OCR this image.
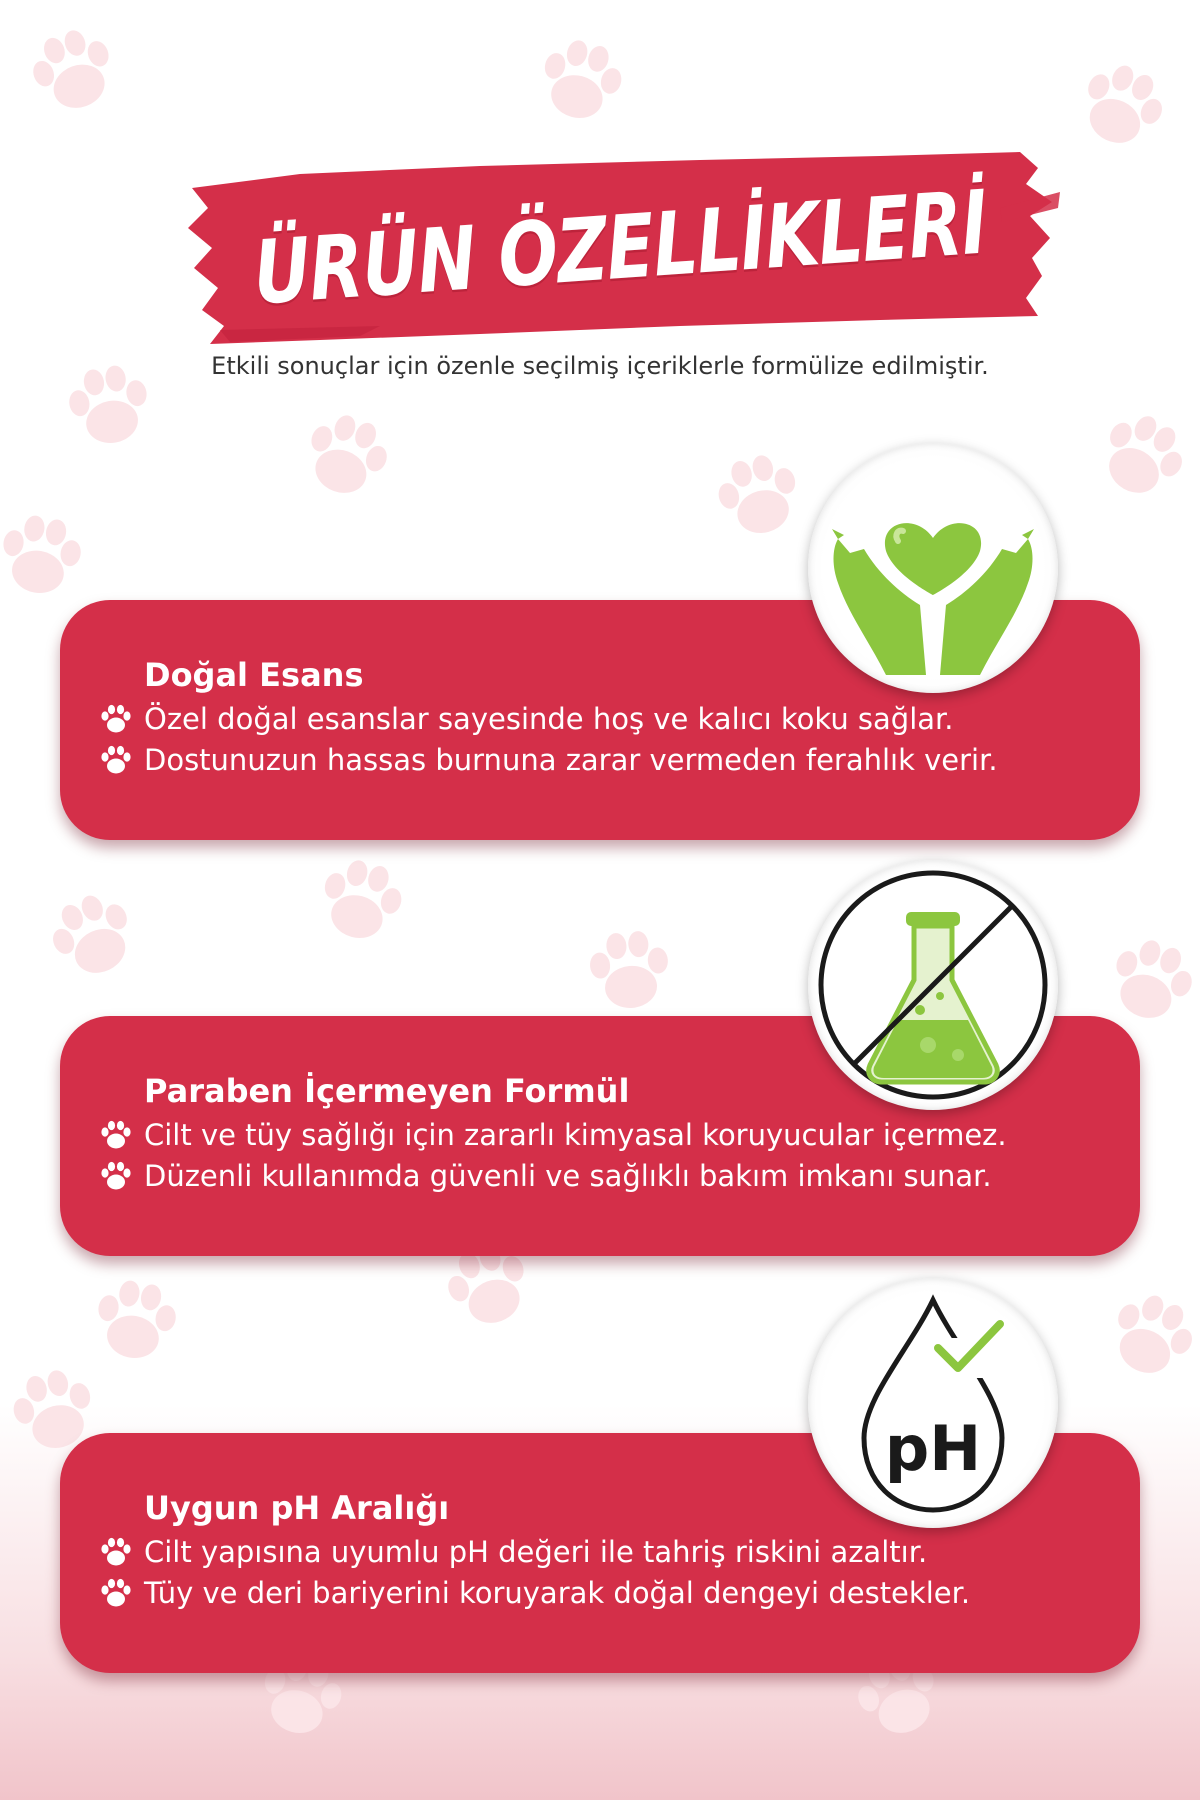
ÜRÜN ÖZELLİKLERİ
Etkili sonuçlar için özenle seçilmiş içeriklerle formülize edilmiştir.
Doğal Esans
Özel doğal esanslar sayesinde hoş ve kalıcı koku sağlar.
Dostunuzun hassas burnuna zarar vermeden ferahlık verir.
Paraben İçermeyen Formül
Cilt ve tüy sağlığı için zararlı kimyasal koruyucular içermez.
Düzenli kullanımda güvenli ve sağlıklı bakım imkanı sunar.
Uygun pH Aralığı
Cilt yapısına uyumlu pH değeri ile tahriş riskini azaltır.
Tüy ve deri bariyerini koruyarak doğal dengeyi destekler.
pH
